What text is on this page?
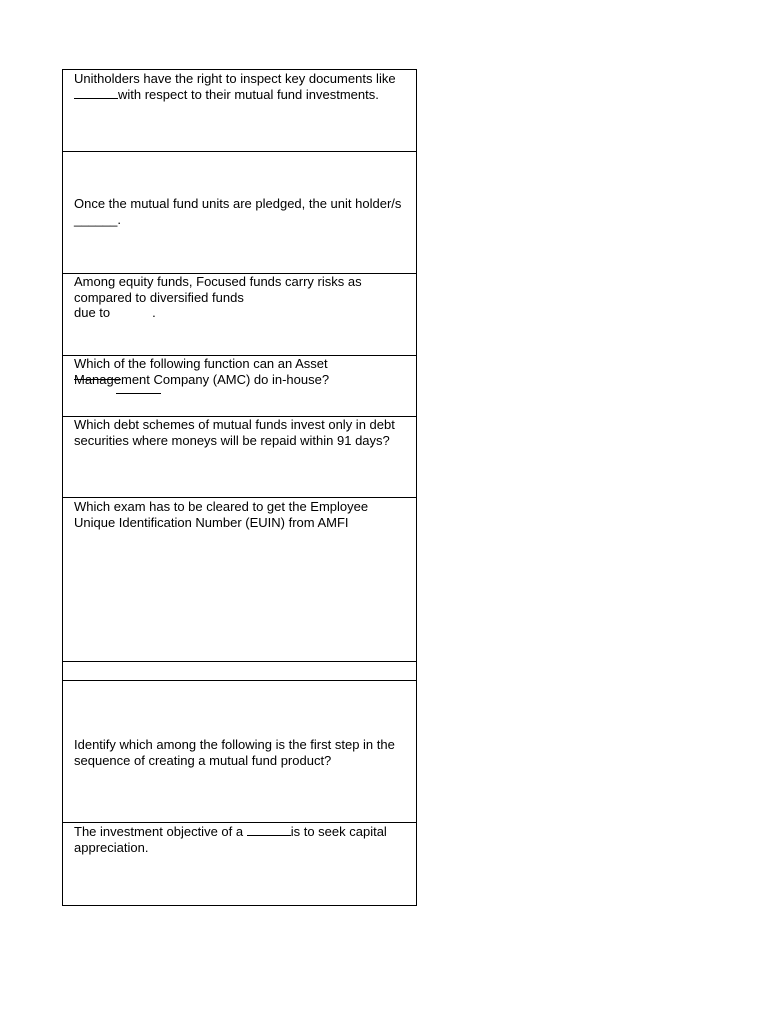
Unitholders have the right to inspect key documents like with respect to their mutual fund investments.

Once the mutual fund units are pledged, the unit holder/s ______.

Among equity funds, Focused funds carry risks as compared to diversified funds
due to	.

Which of the following function can an Asset Management Company (AMC) do in-house?

Which debt schemes of mutual funds invest only in debt securities where moneys will be repaid within 91 days?

Which exam has to be cleared to get the Employee Unique Identification Number (EUIN) from AMFI

Identify which among the following is the first step in the sequence of creating a mutual fund product?

The investment objective of a	is to seek capital appreciation.
